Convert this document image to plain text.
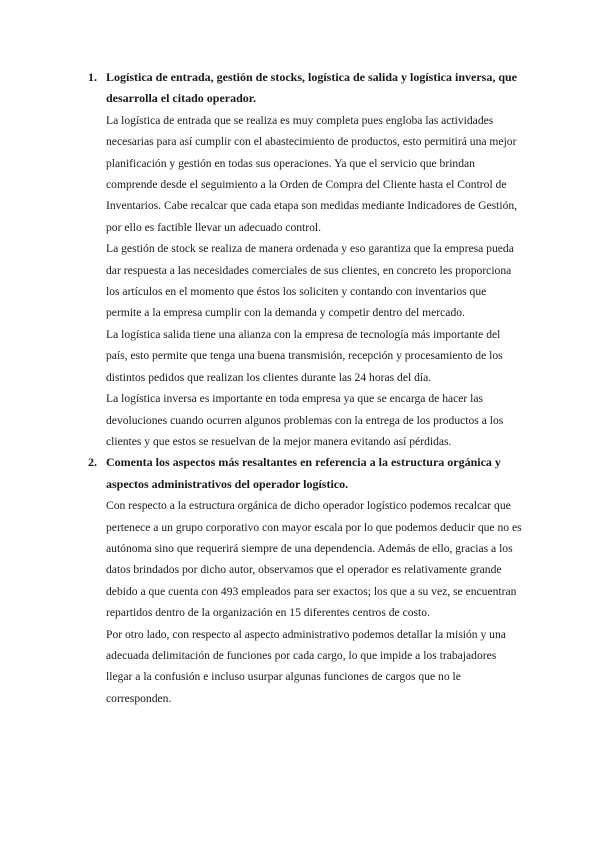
1. Logística de entrada, gestión de stocks, logística de salida y logística inversa, que desarrolla el citado operador.
La logística de entrada que se realiza es muy completa pues engloba las actividades necesarias para así cumplir con el abastecimiento de productos, esto permitirá una mejor planificación y gestión en todas sus operaciones. Ya que el servicio que brindan comprende desde el seguimiento a la Orden de Compra del Cliente hasta el Control de Inventarios. Cabe recalcar que cada etapa son medidas mediante Indicadores de Gestión, por ello es factible llevar un adecuado control.
La gestión de stock se realiza de manera ordenada y eso garantiza que la empresa pueda dar respuesta a las necesidades comerciales de sus clientes, en concreto les proporciona los artículos en el momento que éstos los soliciten y contando con inventarios que permite a la empresa cumplir con la demanda y competir dentro del mercado.
La logística salida tiene una alianza con la empresa de tecnología más importante del país, esto permite que tenga una buena transmisión, recepción y procesamiento de los distintos pedidos que realizan los clientes durante las 24 horas del día.
La logística inversa es importante en toda empresa ya que se encarga de hacer las devoluciones cuando ocurren algunos problemas con la entrega de los productos a los clientes y que estos se resuelvan de la mejor manera evitando así pérdidas.
2. Comenta los aspectos más resaltantes en referencia a la estructura orgánica y aspectos administrativos del operador logístico.
Con respecto a la estructura orgánica de dicho operador logístico podemos recalcar que pertenece a un grupo corporativo con mayor escala por lo que podemos deducir que no es autónoma sino que requerirá siempre de una dependencia. Además de ello, gracias a los datos brindados por dicho autor, observamos que el operador es relativamente grande debido a que cuenta con 493 empleados para ser exactos; los que a su vez, se encuentran repartidos dentro de la organización en 15 diferentes centros de costo.
Por otro lado, con respecto al aspecto administrativo podemos detallar la misión y una adecuada delimitación de funciones por cada cargo, lo que impide a los trabajadores llegar a la confusión e incluso usurpar algunas funciones de cargos que no le corresponden.
